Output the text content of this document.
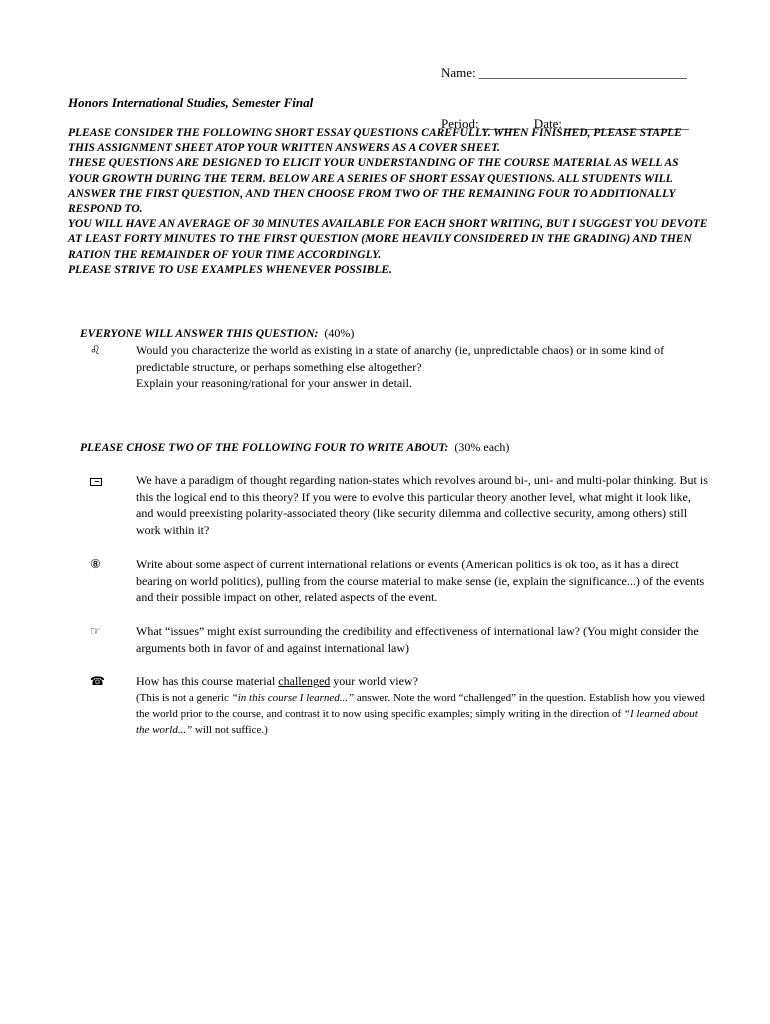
Name: ________________________________

Period: ______    Date: ___________________

Honors International Studies, Semester Final

PLEASE CONSIDER THE FOLLOWING SHORT ESSAY QUESTIONS CAREFULLY. WHEN FINISHED, PLEASE STAPLE THIS ASSIGNMENT SHEET ATOP YOUR WRITTEN ANSWERS AS A COVER SHEET.

THESE QUESTIONS ARE DESIGNED TO ELICIT YOUR UNDERSTANDING OF THE COURSE MATERIAL AS WELL AS YOUR GROWTH DURING THE TERM. BELOW ARE A SERIES OF SHORT ESSAY QUESTIONS. ALL STUDENTS WILL ANSWER THE FIRST QUESTION, AND THEN CHOOSE FROM TWO OF THE REMAINING FOUR TO ADDITIONALLY RESPOND TO.

YOU WILL HAVE AN AVERAGE OF 30 MINUTES AVAILABLE FOR EACH SHORT WRITING, BUT I SUGGEST YOU DEVOTE AT LEAST FORTY MINUTES TO THE FIRST QUESTION (MORE HEAVILY CONSIDERED IN THE GRADING) AND THEN RATION THE REMAINDER OF YOUR TIME ACCORDINGLY.

PLEASE STRIVE TO USE EXAMPLES WHENEVER POSSIBLE.

EVERYONE WILL ANSWER THIS QUESTION: (40%)
♌	Would you characterize the world as existing in a state of anarchy (ie, unpredictable chaos) or in some kind of predictable structure, or perhaps something else altogether?

Explain your reasoning/rational for your answer in detail.

PLEASE CHOSE TWO OF THE FOLLOWING FOUR TO WRITE ABOUT: (30% each)

We have a paradigm of thought regarding nation-states which revolves around bi-, uni- and multi-polar thinking. But is this the logical end to this theory? If you were to evolve this particular theory another level, what might it look like, and would preexisting polarity-associated theory (like security dilemma and collective security, among others) still work within it?

⑧	Write about some aspect of current international relations or events (American politics is ok too, as it has a direct bearing on world politics), pulling from the course material to make sense (ie, explain the significance...) of the events and their possible impact on other, related aspects of the event.

☞	What “issues” might exist surrounding the credibility and effectiveness of international law? (You might consider the arguments both in favor of and against international law)

☎	How has this course material challenged your world view?

(This is not a generic “in this course I learned...” answer. Note the word “challenged” in the question. Establish how you viewed the world prior to the course, and contrast it to now using specific examples; simply writing in the direction of “I learned about the world...” will not suffice.)
